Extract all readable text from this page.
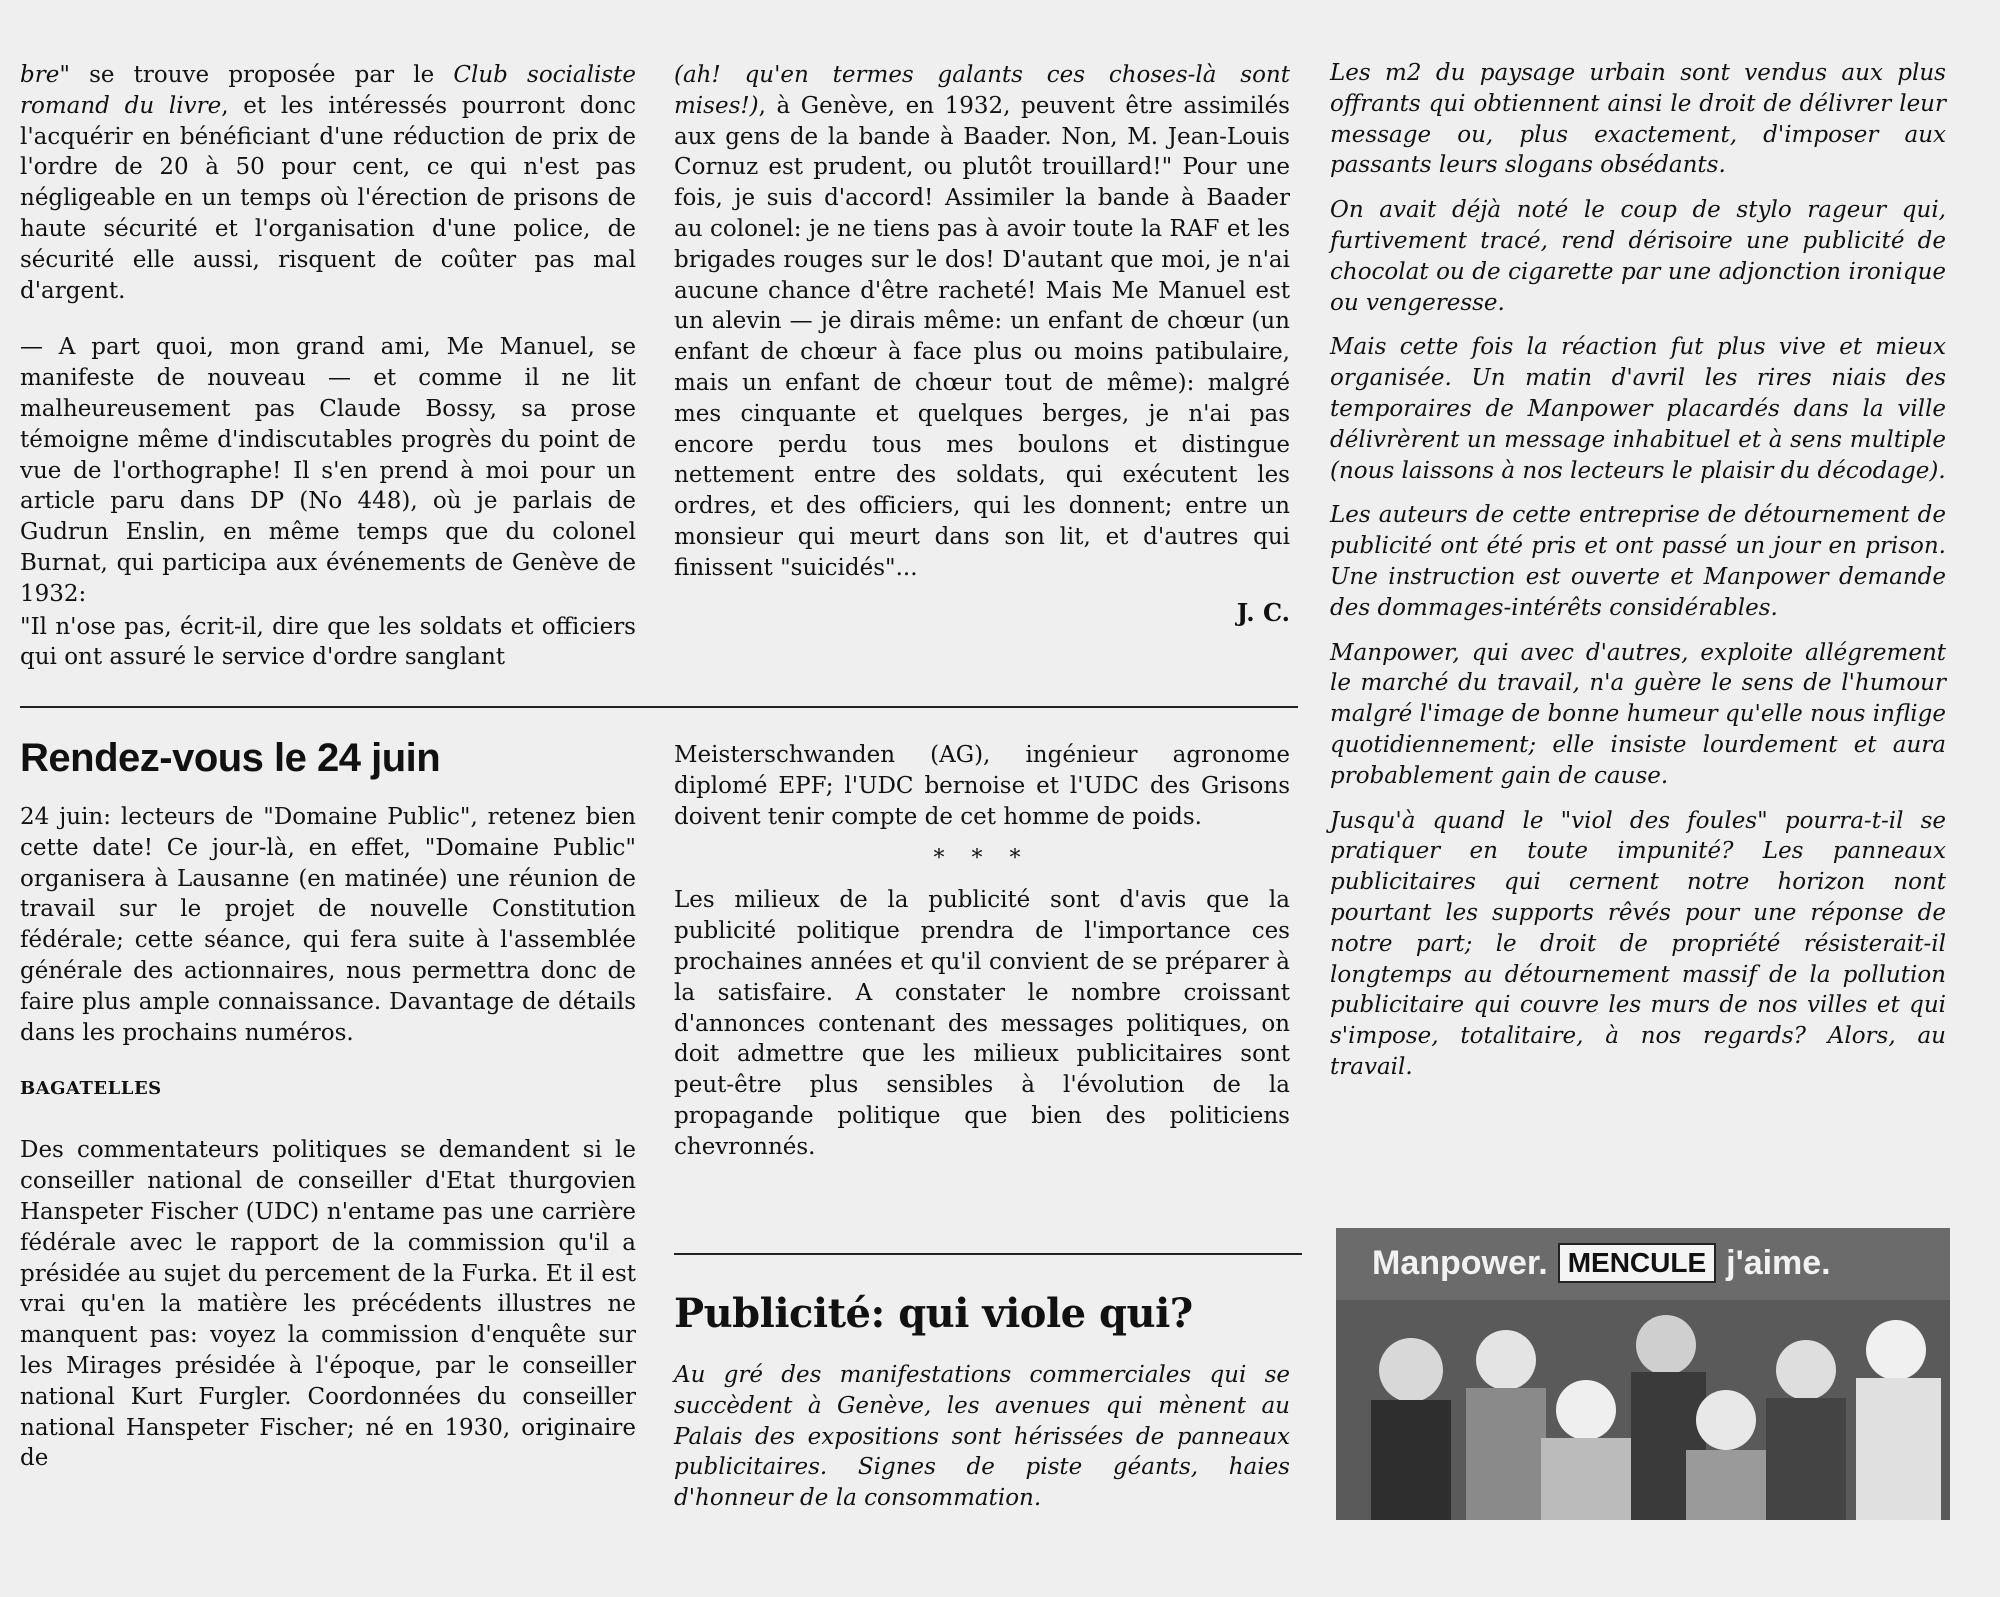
bre" se trouve proposée par le Club socialiste romand du livre, et les intéressés pourront donc l'acquérir en bénéficiant d'une réduction de prix de l'ordre de 20 à 50 pour cent, ce qui n'est pas négligeable en un temps où l'érection de prisons de haute sécurité et l'organisation d'une police, de sécurité elle aussi, risquent de coûter pas mal d'argent.

— A part quoi, mon grand ami, Me Manuel, se manifeste de nouveau — et comme il ne lit malheureusement pas Claude Bossy, sa prose témoigne même d'indiscutables progrès du point de vue de l'orthographe! Il s'en prend à moi pour un article paru dans DP (No 448), où je parlais de Gudrun Enslin, en même temps que du colonel Burnat, qui participa aux événements de Genève de 1932:

"Il n'ose pas, écrit-il, dire que les soldats et officiers qui ont assuré le service d'ordre sanglant

(ah! qu'en termes galants ces choses-là sont mises!), à Genève, en 1932, peuvent être assimilés aux gens de la bande à Baader. Non, M. Jean-Louis Cornuz est prudent, ou plutôt trouillard!" Pour une fois, je suis d'accord! Assimiler la bande à Baader au colonel: je ne tiens pas à avoir toute la RAF et les brigades rouges sur le dos! D'autant que moi, je n'ai aucune chance d'être racheté! Mais Me Manuel est un alevin — je dirais même: un enfant de chœur (un enfant de chœur à face plus ou moins patibulaire, mais un enfant de chœur tout de même): malgré mes cinquante et quelques berges, je n'ai pas encore perdu tous mes boulons et distingue nettement entre des soldats, qui exécutent les ordres, et des officiers, qui les donnent; entre un monsieur qui meurt dans son lit, et d'autres qui finissent "suicidés"...

J. C.
Rendez-vous le 24 juin

24 juin: lecteurs de "Domaine Public", retenez bien cette date! Ce jour-là, en effet, "Domaine Public" organisera à Lausanne (en matinée) une réunion de travail sur le projet de nouvelle Constitution fédérale; cette séance, qui fera suite à l'assemblée générale des actionnaires, nous permettra donc de faire plus ample connaissance. Davantage de détails dans les prochains numéros.

BAGATELLES

Des commentateurs politiques se demandent si le conseiller national de conseiller d'Etat thurgovien Hanspeter Fischer (UDC) n'entame pas une carrière fédérale avec le rapport de la commission qu'il a présidée au sujet du percement de la Furka. Et il est vrai qu'en la matière les précédents illustres ne manquent pas: voyez la commission d'enquête sur les Mirages présidée à l'époque, par le conseiller national Kurt Furgler. Coordonnées du conseiller national Hanspeter Fischer; né en 1930, originaire de

Meisterschwanden (AG), ingénieur agronome diplomé EPF; l'UDC bernoise et l'UDC des Grisons doivent tenir compte de cet homme de poids.

* * *

Les milieux de la publicité sont d'avis que la publicité politique prendra de l'importance ces prochaines années et qu'il convient de se préparer à la satisfaire. A constater le nombre croissant d'annonces contenant des messages politiques, on doit admettre que les milieux publicitaires sont peut-être plus sensibles à l'évolution de la propagande politique que bien des politiciens chevronnés.

Publicité: qui viole qui?

Au gré des manifestations commerciales qui se succèdent à Genève, les avenues qui mènent au Palais des expositions sont hérissées de panneaux publicitaires. Signes de piste géants, haies d'honneur de la consommation.

Les m2 du paysage urbain sont vendus aux plus offrants qui obtiennent ainsi le droit de délivrer leur message ou, plus exactement, d'imposer aux passants leurs slogans obsédants.

On avait déjà noté le coup de stylo rageur qui, furtivement tracé, rend dérisoire une publicité de chocolat ou de cigarette par une adjonction ironique ou vengeresse.

Mais cette fois la réaction fut plus vive et mieux organisée. Un matin d'avril les rires niais des temporaires de Manpower placardés dans la ville délivrèrent un message inhabituel et à sens multiple (nous laissons à nos lecteurs le plaisir du décodage).

Les auteurs de cette entreprise de détournement de publicité ont été pris et ont passé un jour en prison. Une instruction est ouverte et Manpower demande des dommages-intérêts considérables.

Manpower, qui avec d'autres, exploite allégrement le marché du travail, n'a guère le sens de l'humour malgré l'image de bonne humeur qu'elle nous inflige quotidiennement; elle insiste lourdement et aura probablement gain de cause.

Jusqu'à quand le "viol des foules" pourra-t-il se pratiquer en toute impunité? Les panneaux publicitaires qui cernent notre horizon nont pourtant les supports rêvés pour une réponse de notre part; le droit de propriété résisterait-il longtemps au détournement massif de la pollution publicitaire qui couvre les murs de nos villes et qui s'impose, totalitaire, à nos regards? Alors, au travail.

Manpower. MENCULE j'aime.
